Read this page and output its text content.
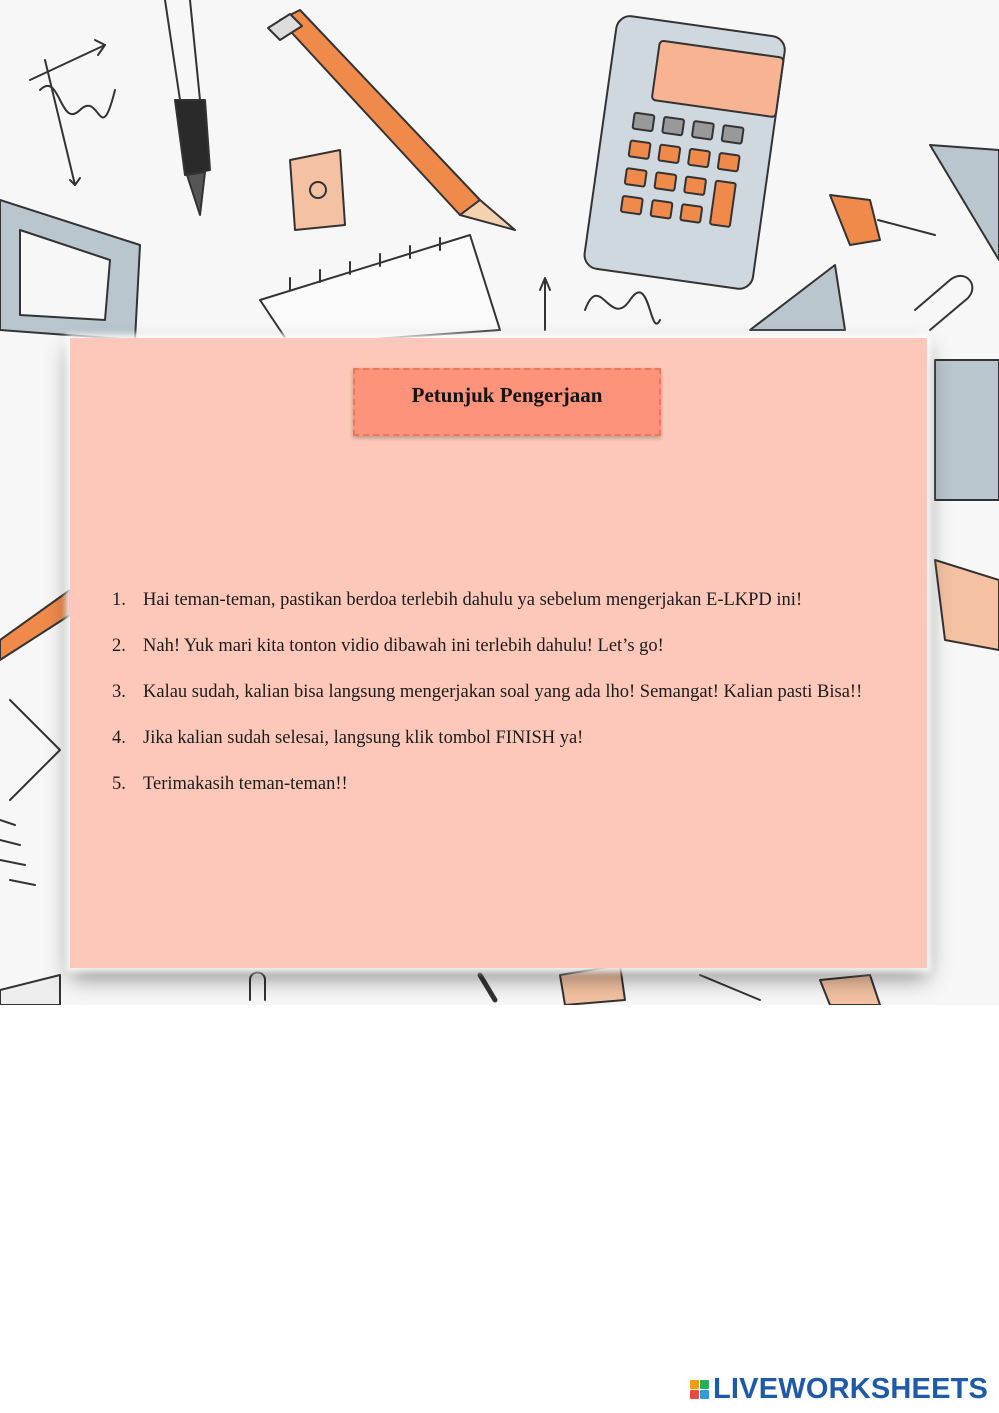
Petunjuk Pengerjaan
1. Hai teman-teman, pastikan berdoa terlebih dahulu ya sebelum mengerjakan E-LKPD ini!
2. Nah! Yuk mari kita tonton vidio dibawah ini terlebih dahulu! Let’s go!
3. Kalau sudah, kalian bisa langsung mengerjakan soal yang ada lho! Semangat! Kalian pasti Bisa!!
4. Jika kalian sudah selesai, langsung klik tombol FINISH ya!
5. Terimakasih teman-teman!!
LIVEWORKSHEETS
